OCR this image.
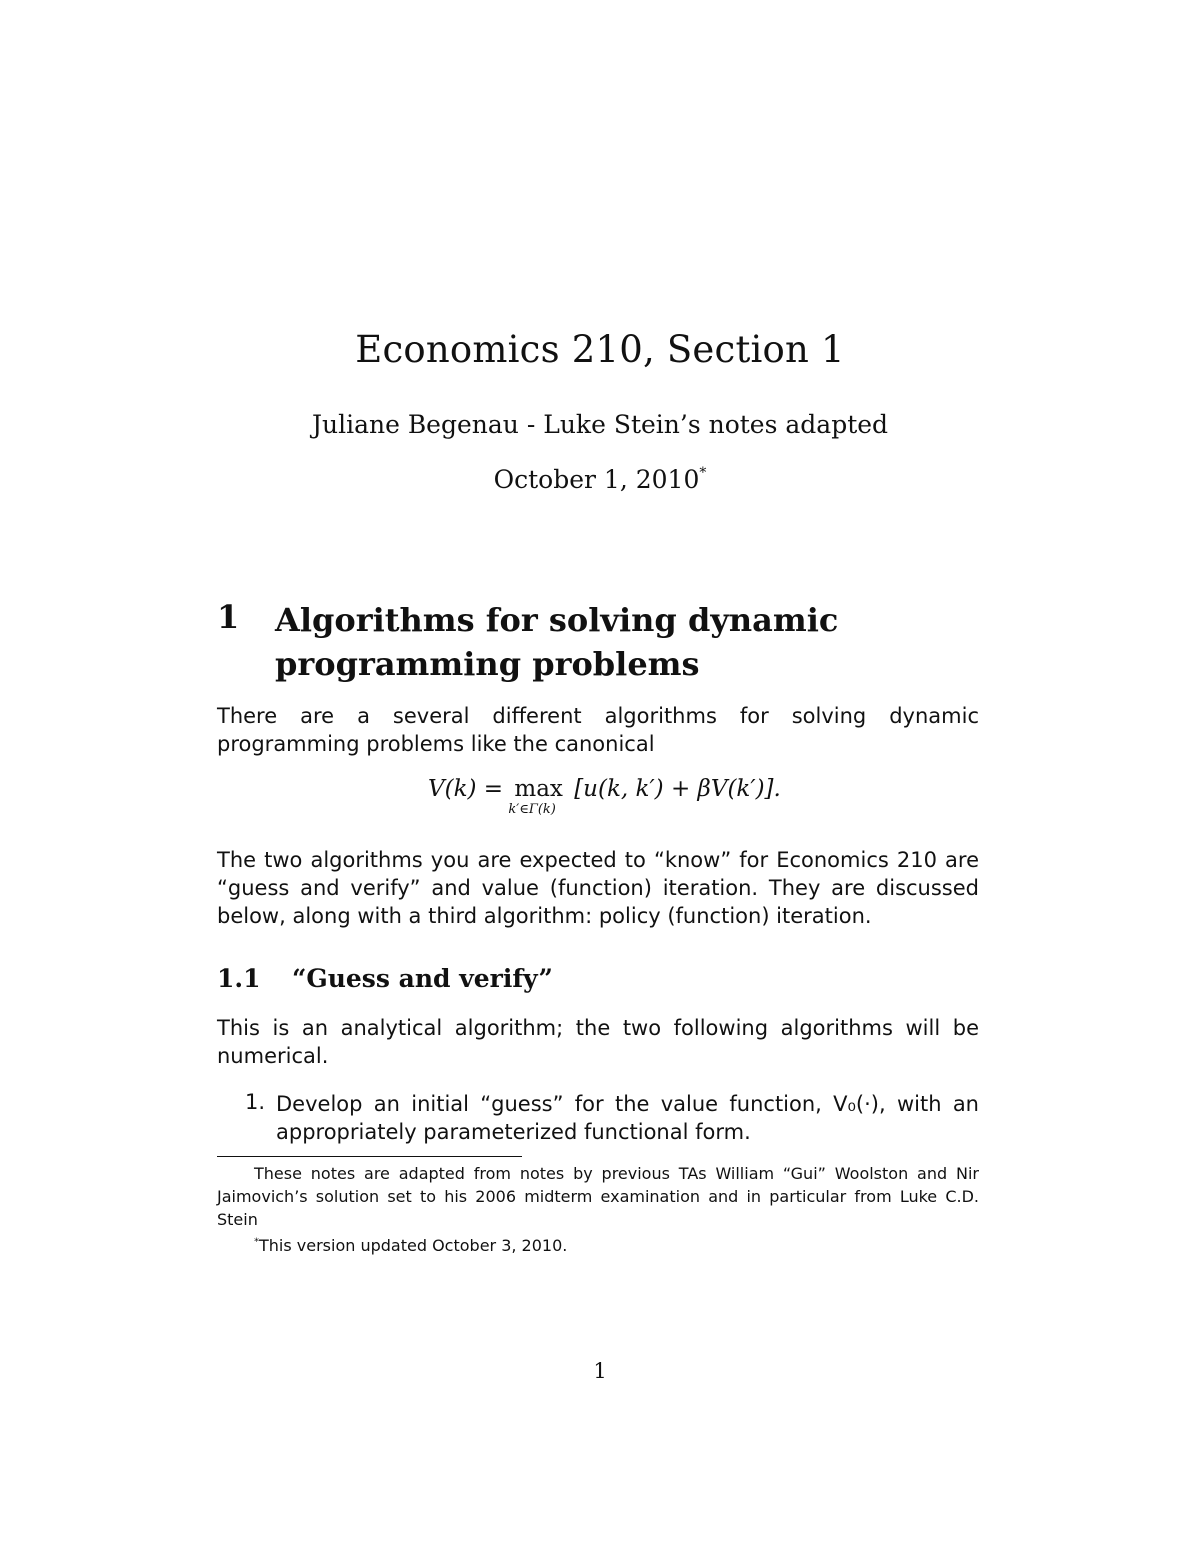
Economics 210, Section 1
Juliane Begenau - Luke Stein’s notes adapted
October 1, 2010*
1 Algorithms for solving dynamic programming problems
There are a several different algorithms for solving dynamic programming problems like the canonical
V(k) = max
k′∈Γ(k)
[u(k, k′) + βV(k′)].
The two algorithms you are expected to “know” for Economics 210 are “guess and verify” and value (function) iteration. They are discussed below, along with a third algorithm: policy (function) iteration.
1.1 “Guess and verify”
This is an analytical algorithm; the two following algorithms will be numerical.
1. Develop an initial “guess” for the value function, V₀(·), with an appropriately parameterized functional form.
These notes are adapted from notes by previous TAs William “Gui” Woolston and Nir Jaimovich’s solution set to his 2006 midterm examination and in particular from Luke C.D. Stein
*This version updated October 3, 2010.
1
